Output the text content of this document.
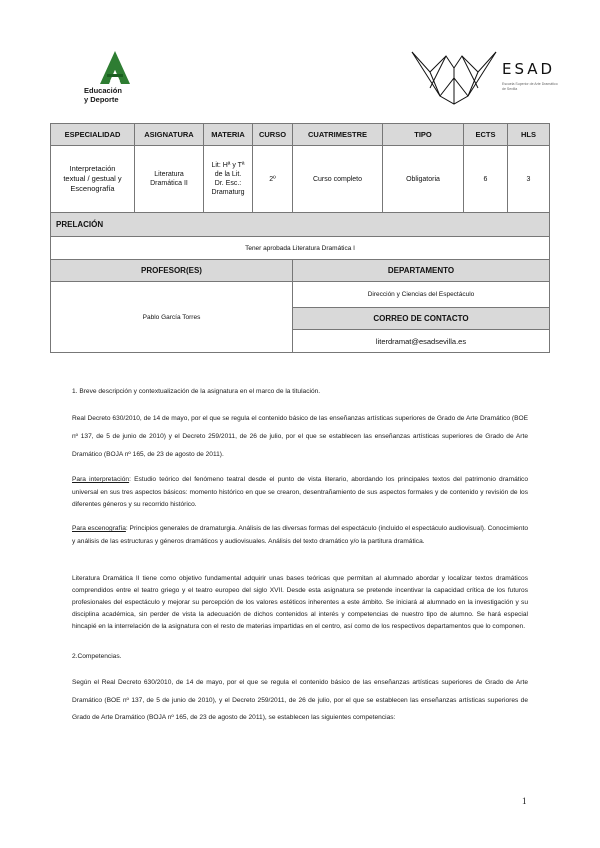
Educación
y Deporte
ESAD
Escuela Superior de Arte Dramático de Sevilla
ESPECIALIDAD	ASIGNATURA	MATERIA	CURSO	CUATRIMESTRE	TIPO	ECTS	HLS
Interpretación textual / gestual y Escenografía	Literatura Dramática II	Lit: Hª y Tª de la Lit. Dr. Esc.: Dramaturg	2º	Curso completo	Obligatoria	6	3
PRELACIÓN							
Tener aprobada Literatura Dramática I							
PROFESOR(ES)				DEPARTAMENTO			
Pablo García Torres				Dirección y Ciencias del Espectáculo			
				CORREO DE CONTACTO			
				literdramat@esadsevilla.es			
1. Breve descripción y contextualización de la asignatura en el marco de la titulación.

Real Decreto 630/2010, de 14 de mayo, por el que se regula el contenido básico de las enseñanzas artísticas superiores de Grado de Arte Dramático (BOE nº 137, de 5 de junio de 2010) y el Decreto 259/2011, de 26 de julio, por el que se establecen las enseñanzas artísticas superiores de Grado de Arte Dramático (BOJA nº 165, de 23 de agosto de 2011).

Para interpretación: Estudio teórico del fenómeno teatral desde el punto de vista literario, abordando los principales textos del patrimonio dramático universal en sus tres aspectos básicos: momento histórico en que se crearon, desentrañamiento de sus aspectos formales y de contenido y revisión de los diferentes géneros y su recorrido histórico.

Para escenografía: Principios generales de dramaturgia. Análisis de las diversas formas del espectáculo (incluido el espectáculo audiovisual). Conocimiento y análisis de las estructuras y géneros dramáticos y audiovisuales. Análisis del texto dramático y/o la partitura dramática.

Literatura Dramática II tiene como objetivo fundamental adquirir unas bases teóricas que permitan al alumnado abordar y localizar textos dramáticos comprendidos entre el teatro griego y el teatro europeo del siglo XVII. Desde esta asignatura se pretende incentivar la capacidad crítica de los futuros profesionales del espectáculo y mejorar su percepción de los valores estéticos inherentes a este ámbito. Se iniciará al alumnado en la investigación y su disciplina académica, sin perder de vista la adecuación de dichos contenidos al interés y competencias de nuestro tipo de alumno. Se hará especial hincapié en la interrelación de la asignatura con el resto de materias impartidas en el centro, así como de los respectivos departamentos que lo componen.

2.Competencias.

Según el Real Decreto 630/2010, de 14 de mayo, por el que se regula el contenido básico de las enseñanzas artísticas superiores de Grado de Arte Dramático (BOE nº 137, de 5 de junio de 2010), y el Decreto 259/2011, de 26 de julio, por el que se establecen las enseñanzas artísticas superiores de Grado de Arte Dramático (BOJA nº 165, de 23 de agosto de 2011), se establecen las siguientes competencias:

1
